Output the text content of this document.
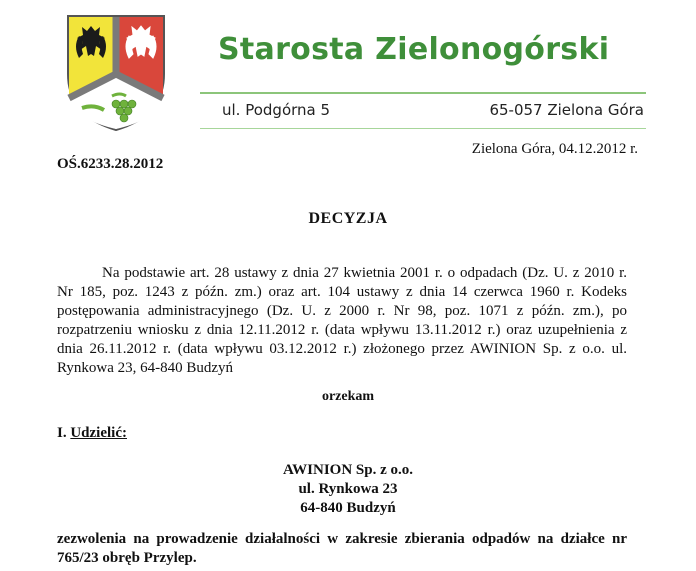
Starosta Zielonogórski
ul. Podgórna 5	65-057 Zielona Góra
Zielona Góra, 04.12.2012 r.
OŚ.6233.28.2012
DECYZJA

Na podstawie art. 28 ustawy z dnia 27 kwietnia 2001 r. o odpadach (Dz. U. z 2010 r. Nr 185, poz. 1243 z późn. zm.) oraz art. 104 ustawy z dnia 14 czerwca 1960 r. Kodeks postępowania administracyjnego (Dz. U. z 2000 r. Nr 98, poz. 1071 z późn. zm.), po rozpatrzeniu wniosku z dnia 12.11.2012 r. (data wpływu 13.11.2012 r.) oraz uzupełnienia z dnia 26.11.2012 r. (data wpływu 03.12.2012 r.) złożonego przez AWINION Sp. z o.o. ul. Rynkowa 23, 64-840 Budzyń

orzekam
I. Udzielić:
AWINION Sp. z o.o.
ul. Rynkowa 23
64-840 Budzyń

zezwolenia na prowadzenie działalności w zakresie zbierania odpadów na działce nr 765/23 obręb Przylep.
